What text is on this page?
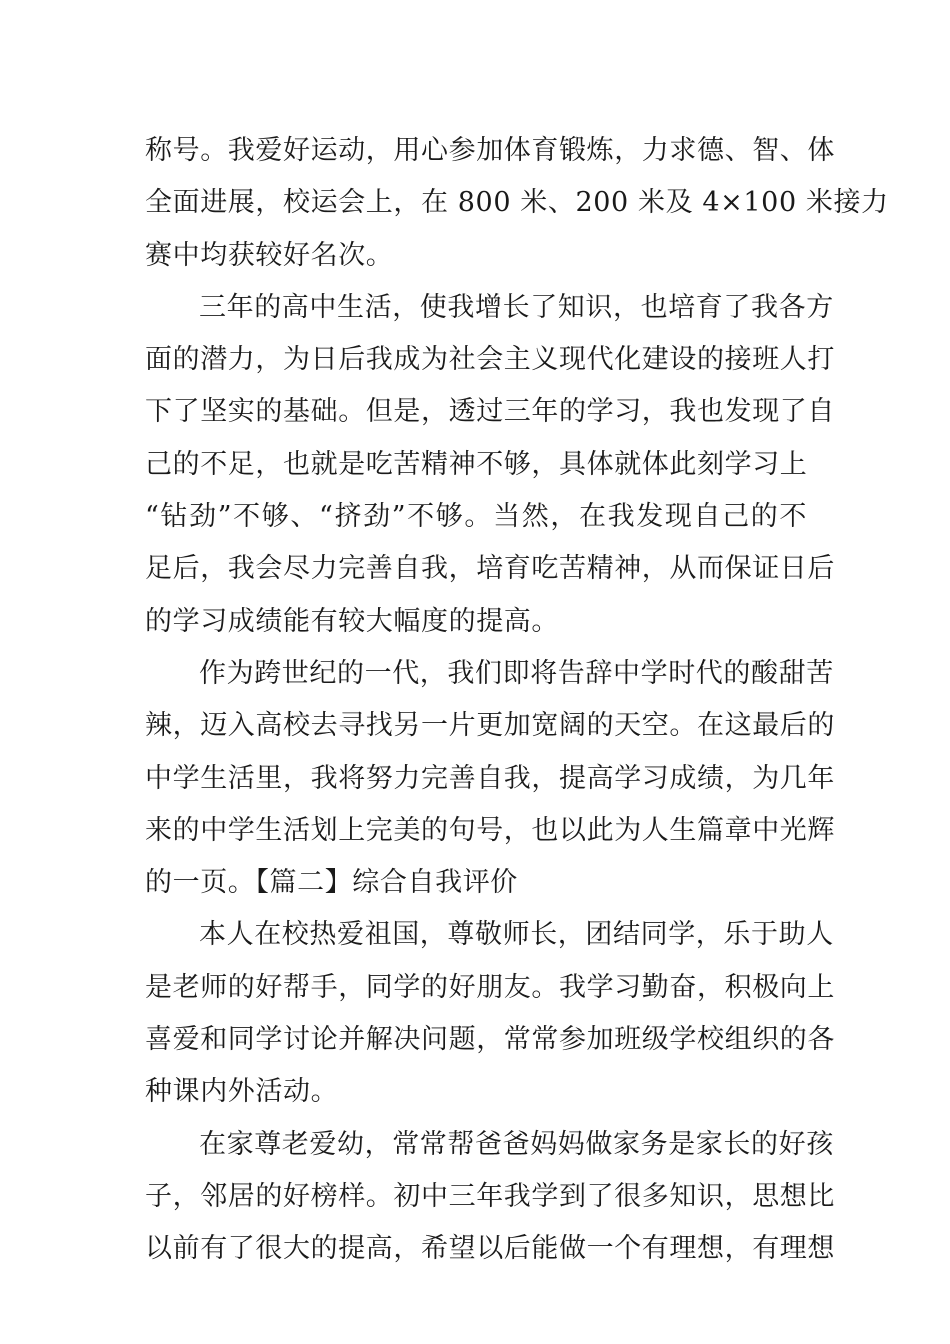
称号。我爱好运动，用心参加体育锻炼，力求德、智、体
全面进展，校运会上，在 800 米、200 米及 4×100 米接力
赛中均获较好名次。
三年的高中生活，使我增长了知识，也培育了我各方
面的潜力，为日后我成为社会主义现代化建设的接班人打
下了坚实的基础。但是，透过三年的学习，我也发现了自
己的不足，也就是吃苦精神不够，具体就体此刻学习上
“钻劲”不够、“挤劲”不够。当然，在我发现自己的不
足后，我会尽力完善自我，培育吃苦精神，从而保证日后
的学习成绩能有较大幅度的提高。
作为跨世纪的一代，我们即将告辞中学时代的酸甜苦
辣，迈入高校去寻找另一片更加宽阔的天空。在这最后的
中学生活里，我将努力完善自我，提高学习成绩，为几年
来的中学生活划上完美的句号，也以此为人生篇章中光辉
的一页。【篇二】综合自我评价
本人在校热爱祖国，尊敬师长，团结同学，乐于助人
是老师的好帮手，同学的好朋友。我学习勤奋，积极向上
喜爱和同学讨论并解决问题，常常参加班级学校组织的各
种课内外活动。
在家尊老爱幼，常常帮爸爸妈妈做家务是家长的好孩
子，邻居的好榜样。初中三年我学到了很多知识，思想比
以前有了很大的提高，希望以后能做一个有理想，有理想
